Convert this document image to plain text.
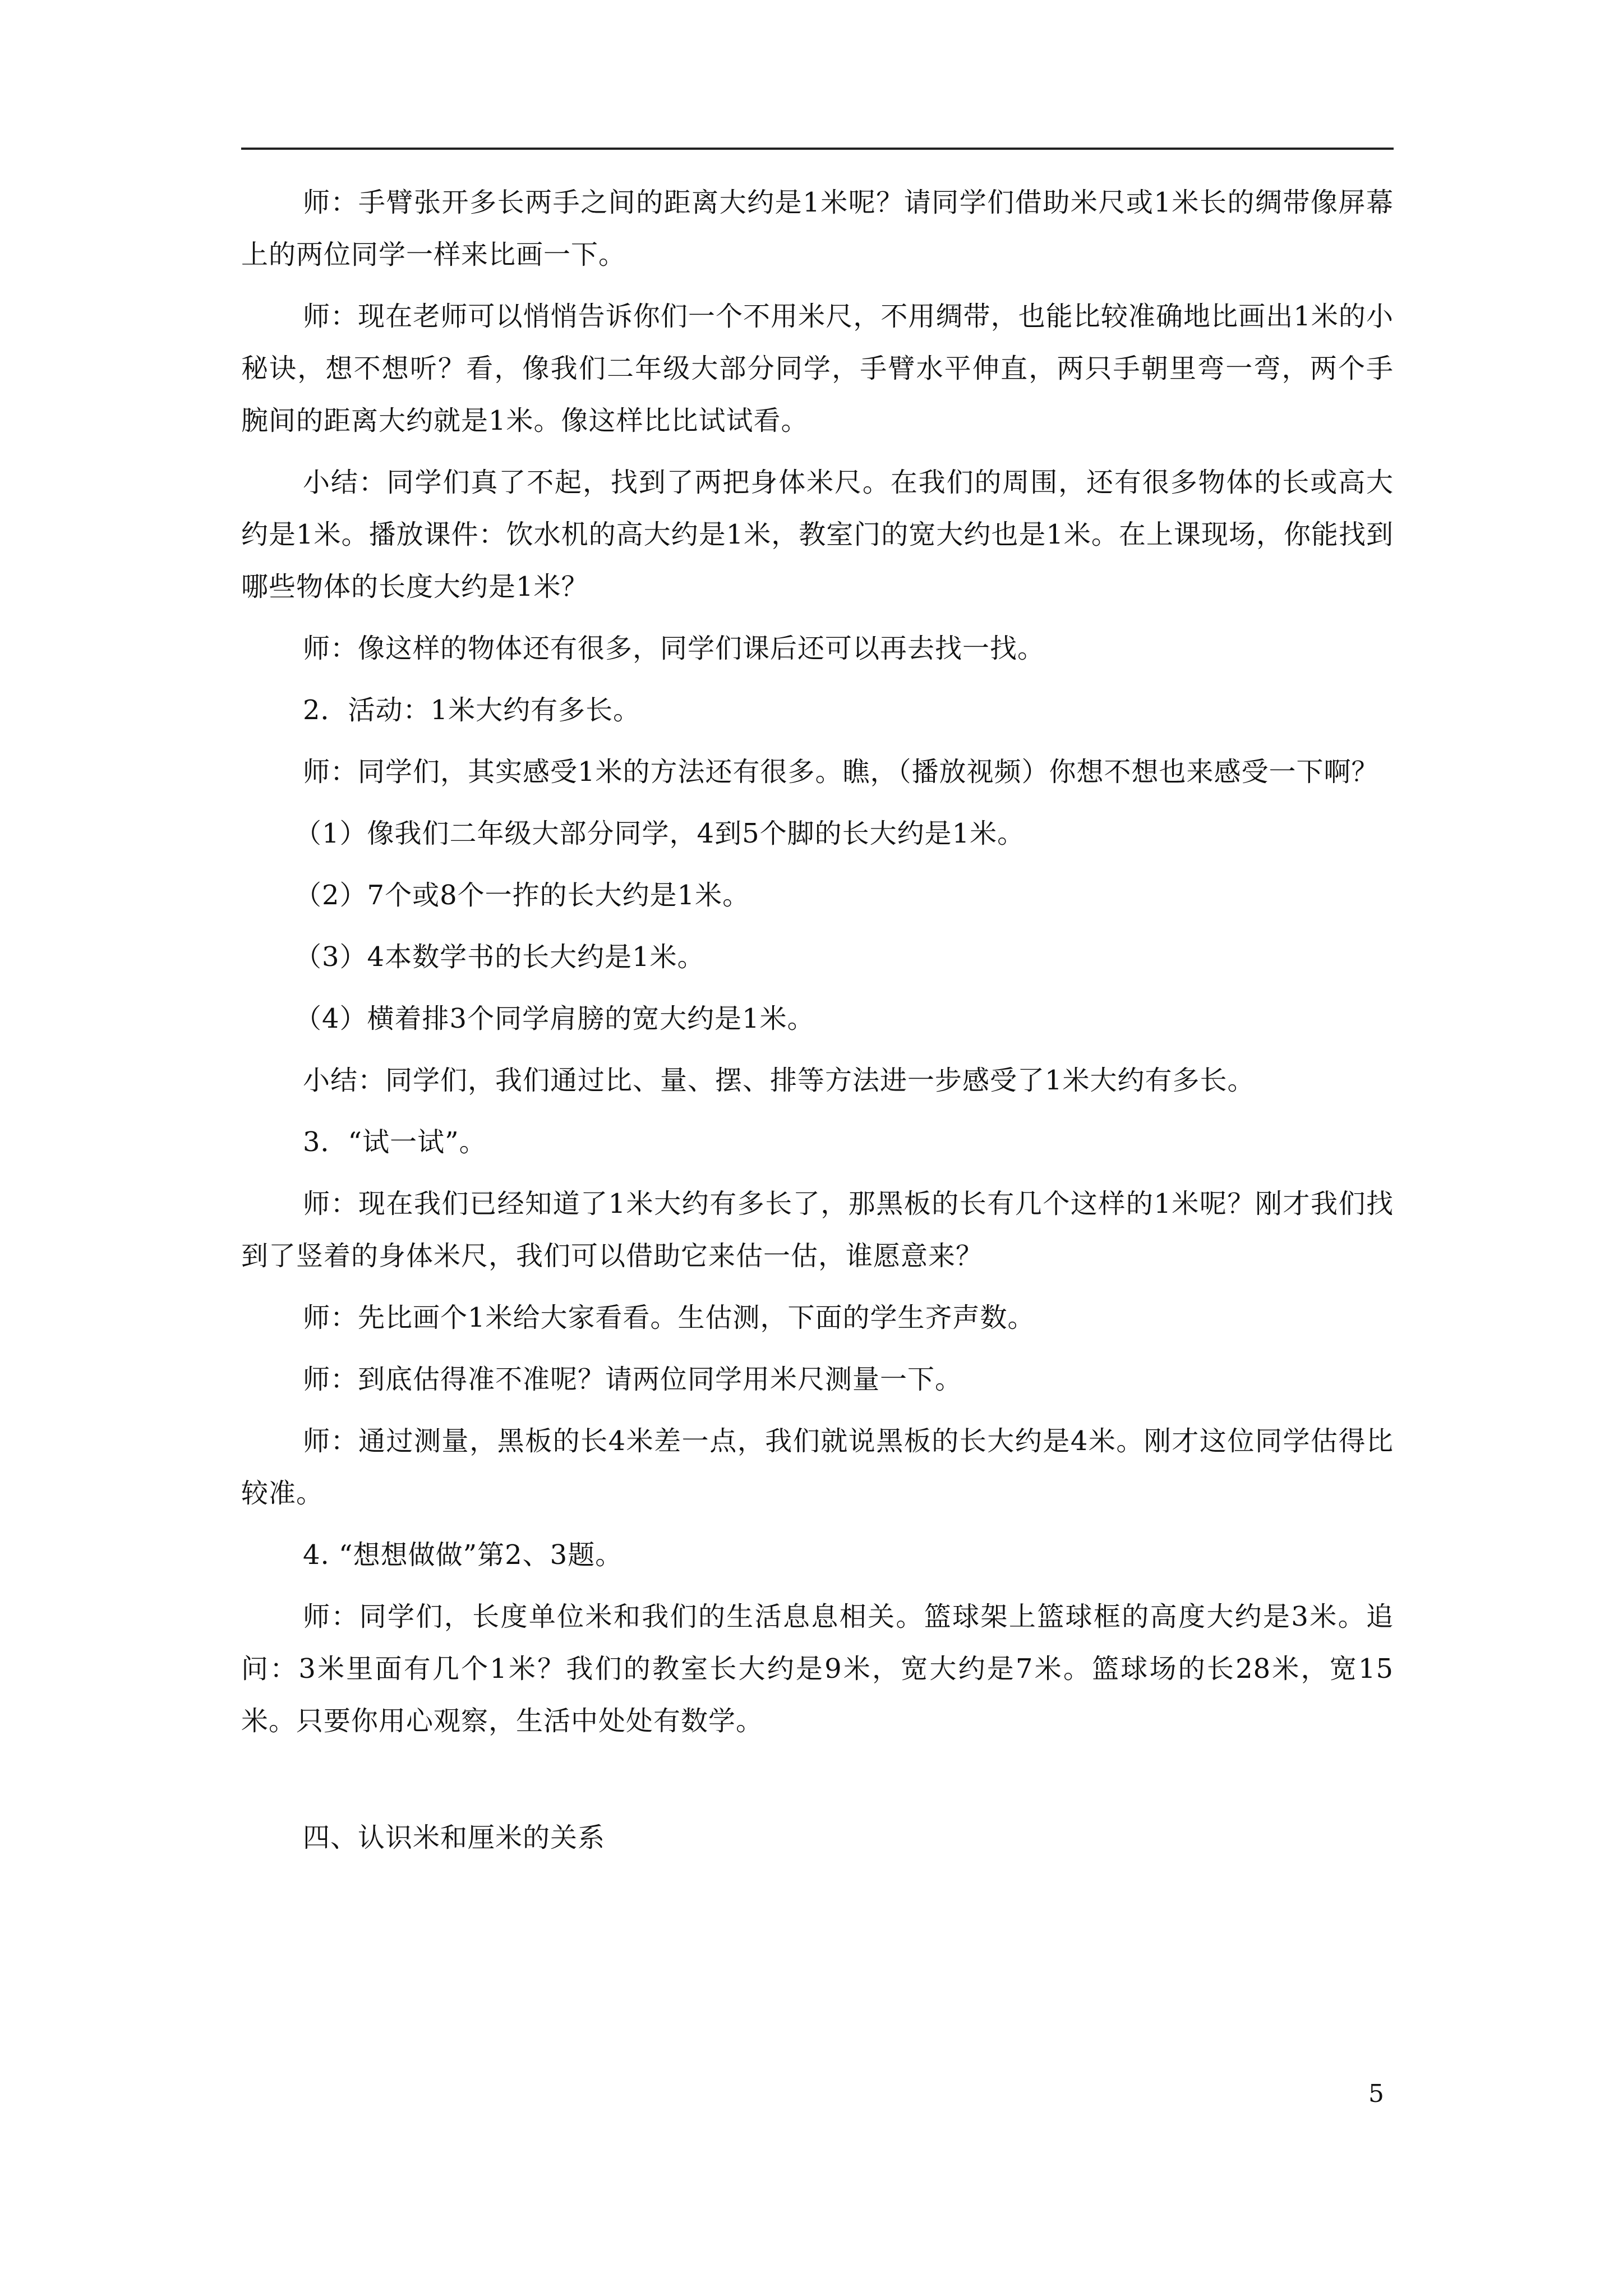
师：手臂张开多长两手之间的距离大约是1米呢？请同学们借助米尺或1米长的绸带像屏幕上的两位同学一样来比画一下。

师：现在老师可以悄悄告诉你们一个不用米尺，不用绸带，也能比较准确地比画出1米的小秘诀，想不想听？看，像我们二年级大部分同学，手臂水平伸直，两只手朝里弯一弯，两个手腕间的距离大约就是1米。像这样比比试试看。

小结：同学们真了不起，找到了两把身体米尺。在我们的周围，还有很多物体的长或高大约是1米。播放课件：饮水机的高大约是1米，教室门的宽大约也是1米。在上课现场，你能找到哪些物体的长度大约是1米？

师：像这样的物体还有很多，同学们课后还可以再去找一找。

2．活动：1米大约有多长。

师：同学们，其实感受1米的方法还有很多。瞧，（播放视频）你想不想也来感受一下啊？

（1）像我们二年级大部分同学，4到5个脚的长大约是1米。

（2）7个或8个一拃的长大约是1米。

（3）4本数学书的长大约是1米。

（4）横着排3个同学肩膀的宽大约是1米。

小结：同学们，我们通过比、量、摆、排等方法进一步感受了1米大约有多长。

3．“试一试”。

师：现在我们已经知道了1米大约有多长了，那黑板的长有几个这样的1米呢？刚才我们找到了竖着的身体米尺，我们可以借助它来估一估，谁愿意来？

师：先比画个1米给大家看看。生估测，下面的学生齐声数。

师：到底估得准不准呢？请两位同学用米尺测量一下。

师：通过测量，黑板的长4米差一点，我们就说黑板的长大约是4米。刚才这位同学估得比较准。

4. “想想做做”第2、3题。

师：同学们，长度单位米和我们的生活息息相关。篮球架上篮球框的高度大约是3米。追问：3米里面有几个1米？我们的教室长大约是9米，宽大约是7米。篮球场的长28米，宽15米。只要你用心观察，生活中处处有数学。

四、认识米和厘米的关系

5
